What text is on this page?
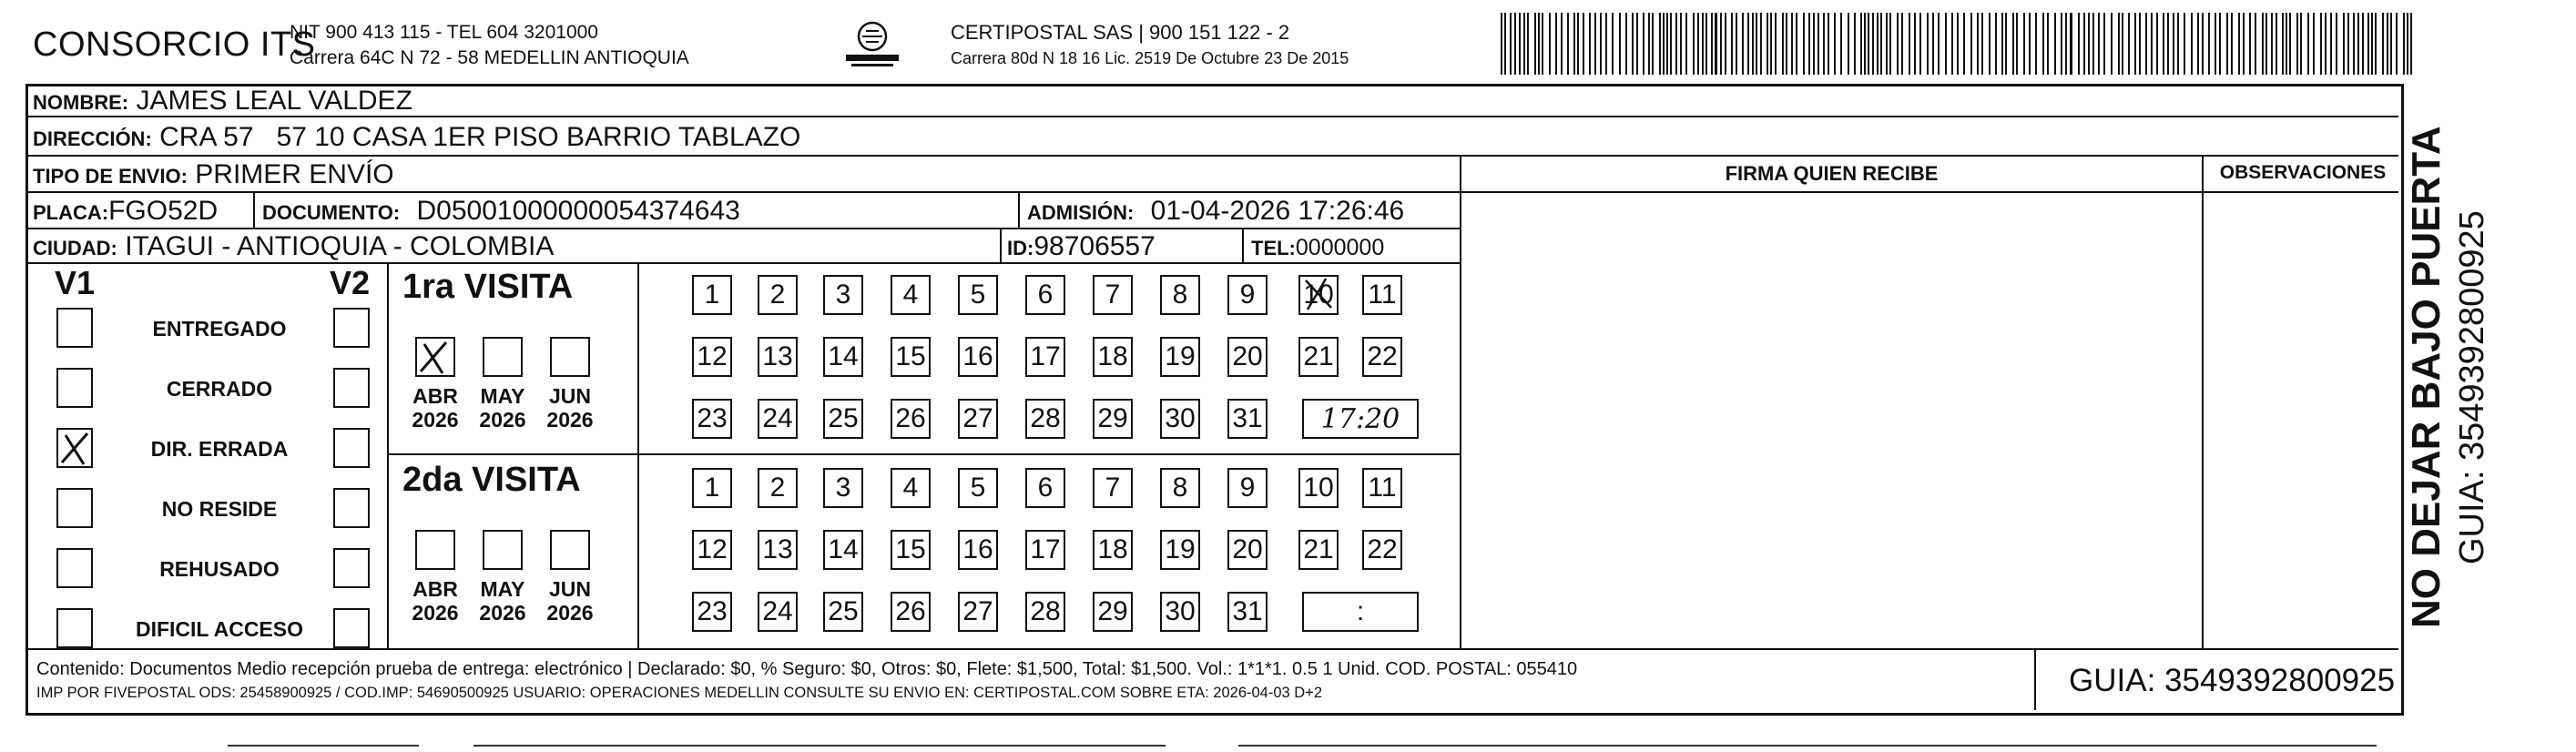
CONSORCIO ITS
NIT 900 413 115 - TEL 604 3201000
Carrera 64C N 72 - 58 MEDELLIN ANTIOQUIA
CERTIPOSTAL SAS | 900 151 122 - 2
Carrera 80d N 18 16 Lic. 2519 De Octubre 23 De 2015
NOMBRE: JAMES LEAL VALDEZ
DIRECCIÓN: CRA 57   57 10 CASA 1ER PISO BARRIO TABLAZO
TIPO DE ENVIO: PRIMER ENVÍO
PLACA:FGO52D DOCUMENTO: D05001000000054374643	ADMISIÓN: 01-04-2026 17:26:46
CIUDAD: ITAGUI - ANTIOQUIA - COLOMBIA	ID:98706557	TEL:0000000
FIRMA QUIEN RECIBE	OBSERVACIONES NO DEJAR BAJO PUERTA GUIA: 3549392800925
V1	V2
ENTREGADO
CERRADO
DIR. ERRADA
NO RESIDE
REHUSADO
DIFICIL ACCESO
1ra VISITA
ABR
2026
MAY
2026
JUN
2026
1	2	3	4	5	6	7	8	9	10 11
12 13 14 15 16 17 18 19 20 21 22
23 24 25 26 27 28 29 30 31	17:20
2da VISITA
ABR
2026
MAY
2026
JUN
2026
1	2	3	4	5	6	7	8	9	10 11
12 13 14 15 16 17 18 19 20 21 22
23 24 25 26 27 28 29 30 31	:
Contenido: Documentos Medio recepción prueba de entrega: electrónico | Declarado: $0, % Seguro: $0, Otros: $0, Flete: $1,500, Total: $1,500. Vol.: 1*1*1. 0.5 1 Unid. COD. POSTAL: 055410
IMP POR FIVEPOSTAL ODS: 25458900925 / COD.IMP: 54690500925 USUARIO: OPERACIONES MEDELLIN CONSULTE SU ENVIO EN: CERTIPOSTAL.COM SOBRE ETA: 2026-04-03 D+2	GUIA: 3549392800925
